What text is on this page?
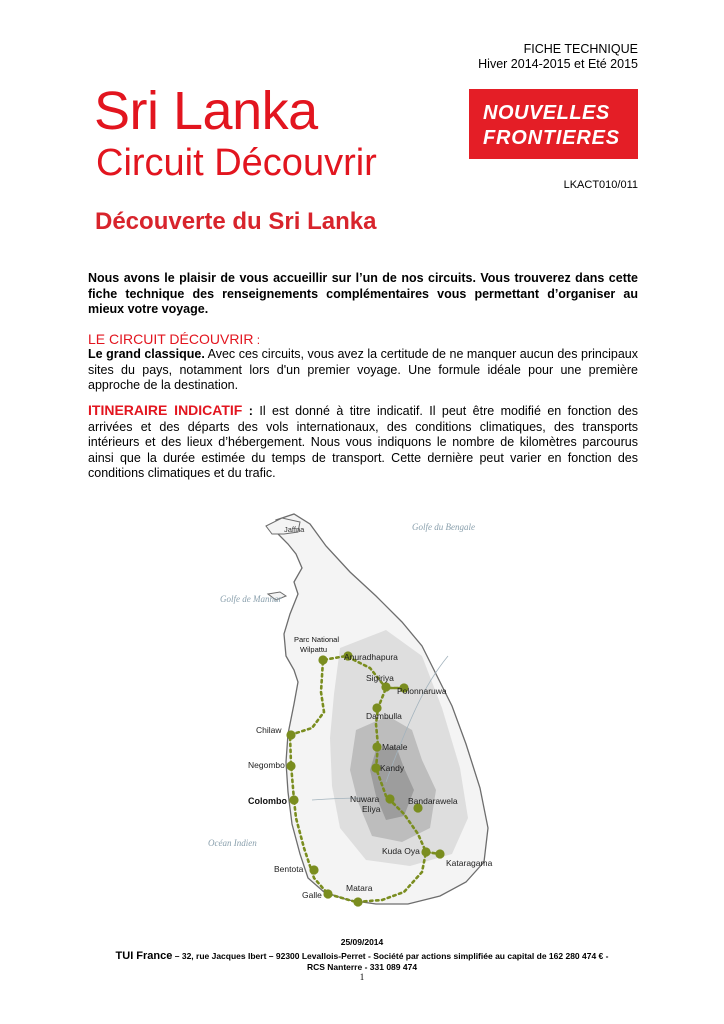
FICHE TECHNIQUE
Hiver 2014-2015 et Eté 2015
Sri Lanka
Circuit Découvrir
Découverte du Sri Lanka
NOUVELLES
FRONTIERES
LKACT010/011
Nous avons le plaisir de vous accueillir sur l’un de nos circuits. Vous trouverez dans cette fiche technique des renseignements complémentaires vous permettant d’organiser au mieux votre voyage.
LE CIRCUIT DÉCOUVRIR :
Le grand classique. Avec ces circuits, vous avez la certitude de ne manquer aucun des principaux sites du pays, notamment lors d'un premier voyage. Une formule idéale pour une première approche de la destination.
ITINERAIRE INDICATIF : Il est donné à titre indicatif. Il peut être modifié en fonction des arrivées et des départs des vols internationaux, des conditions climatiques, des transports intérieurs et des lieux d’hébergement. Nous vous indiquons le nombre de kilomètres parcourus ainsi que la durée estimée du temps de transport. Cette dernière peut varier en fonction des conditions climatiques et du trafic.
Golfe du Bengale
Golfe de Mannar
Océan Indien
Jaffna
Parc National
Wilpattu
Anuradhapura
Sigiriya
Polonnaruwa
Dambulla
Chilaw
Matale
Kandy
Negombo
Colombo	Nuwara
Eliya
Bandarawela
Kuda Oya
Kataragama
Bentota
Galle
Matara
25/09/2014
TUI France – 32, rue Jacques Ibert – 92300 Levallois-Perret - Société par actions simplifiée au capital de 162 280 474 € -
RCS Nanterre - 331 089 474
1
